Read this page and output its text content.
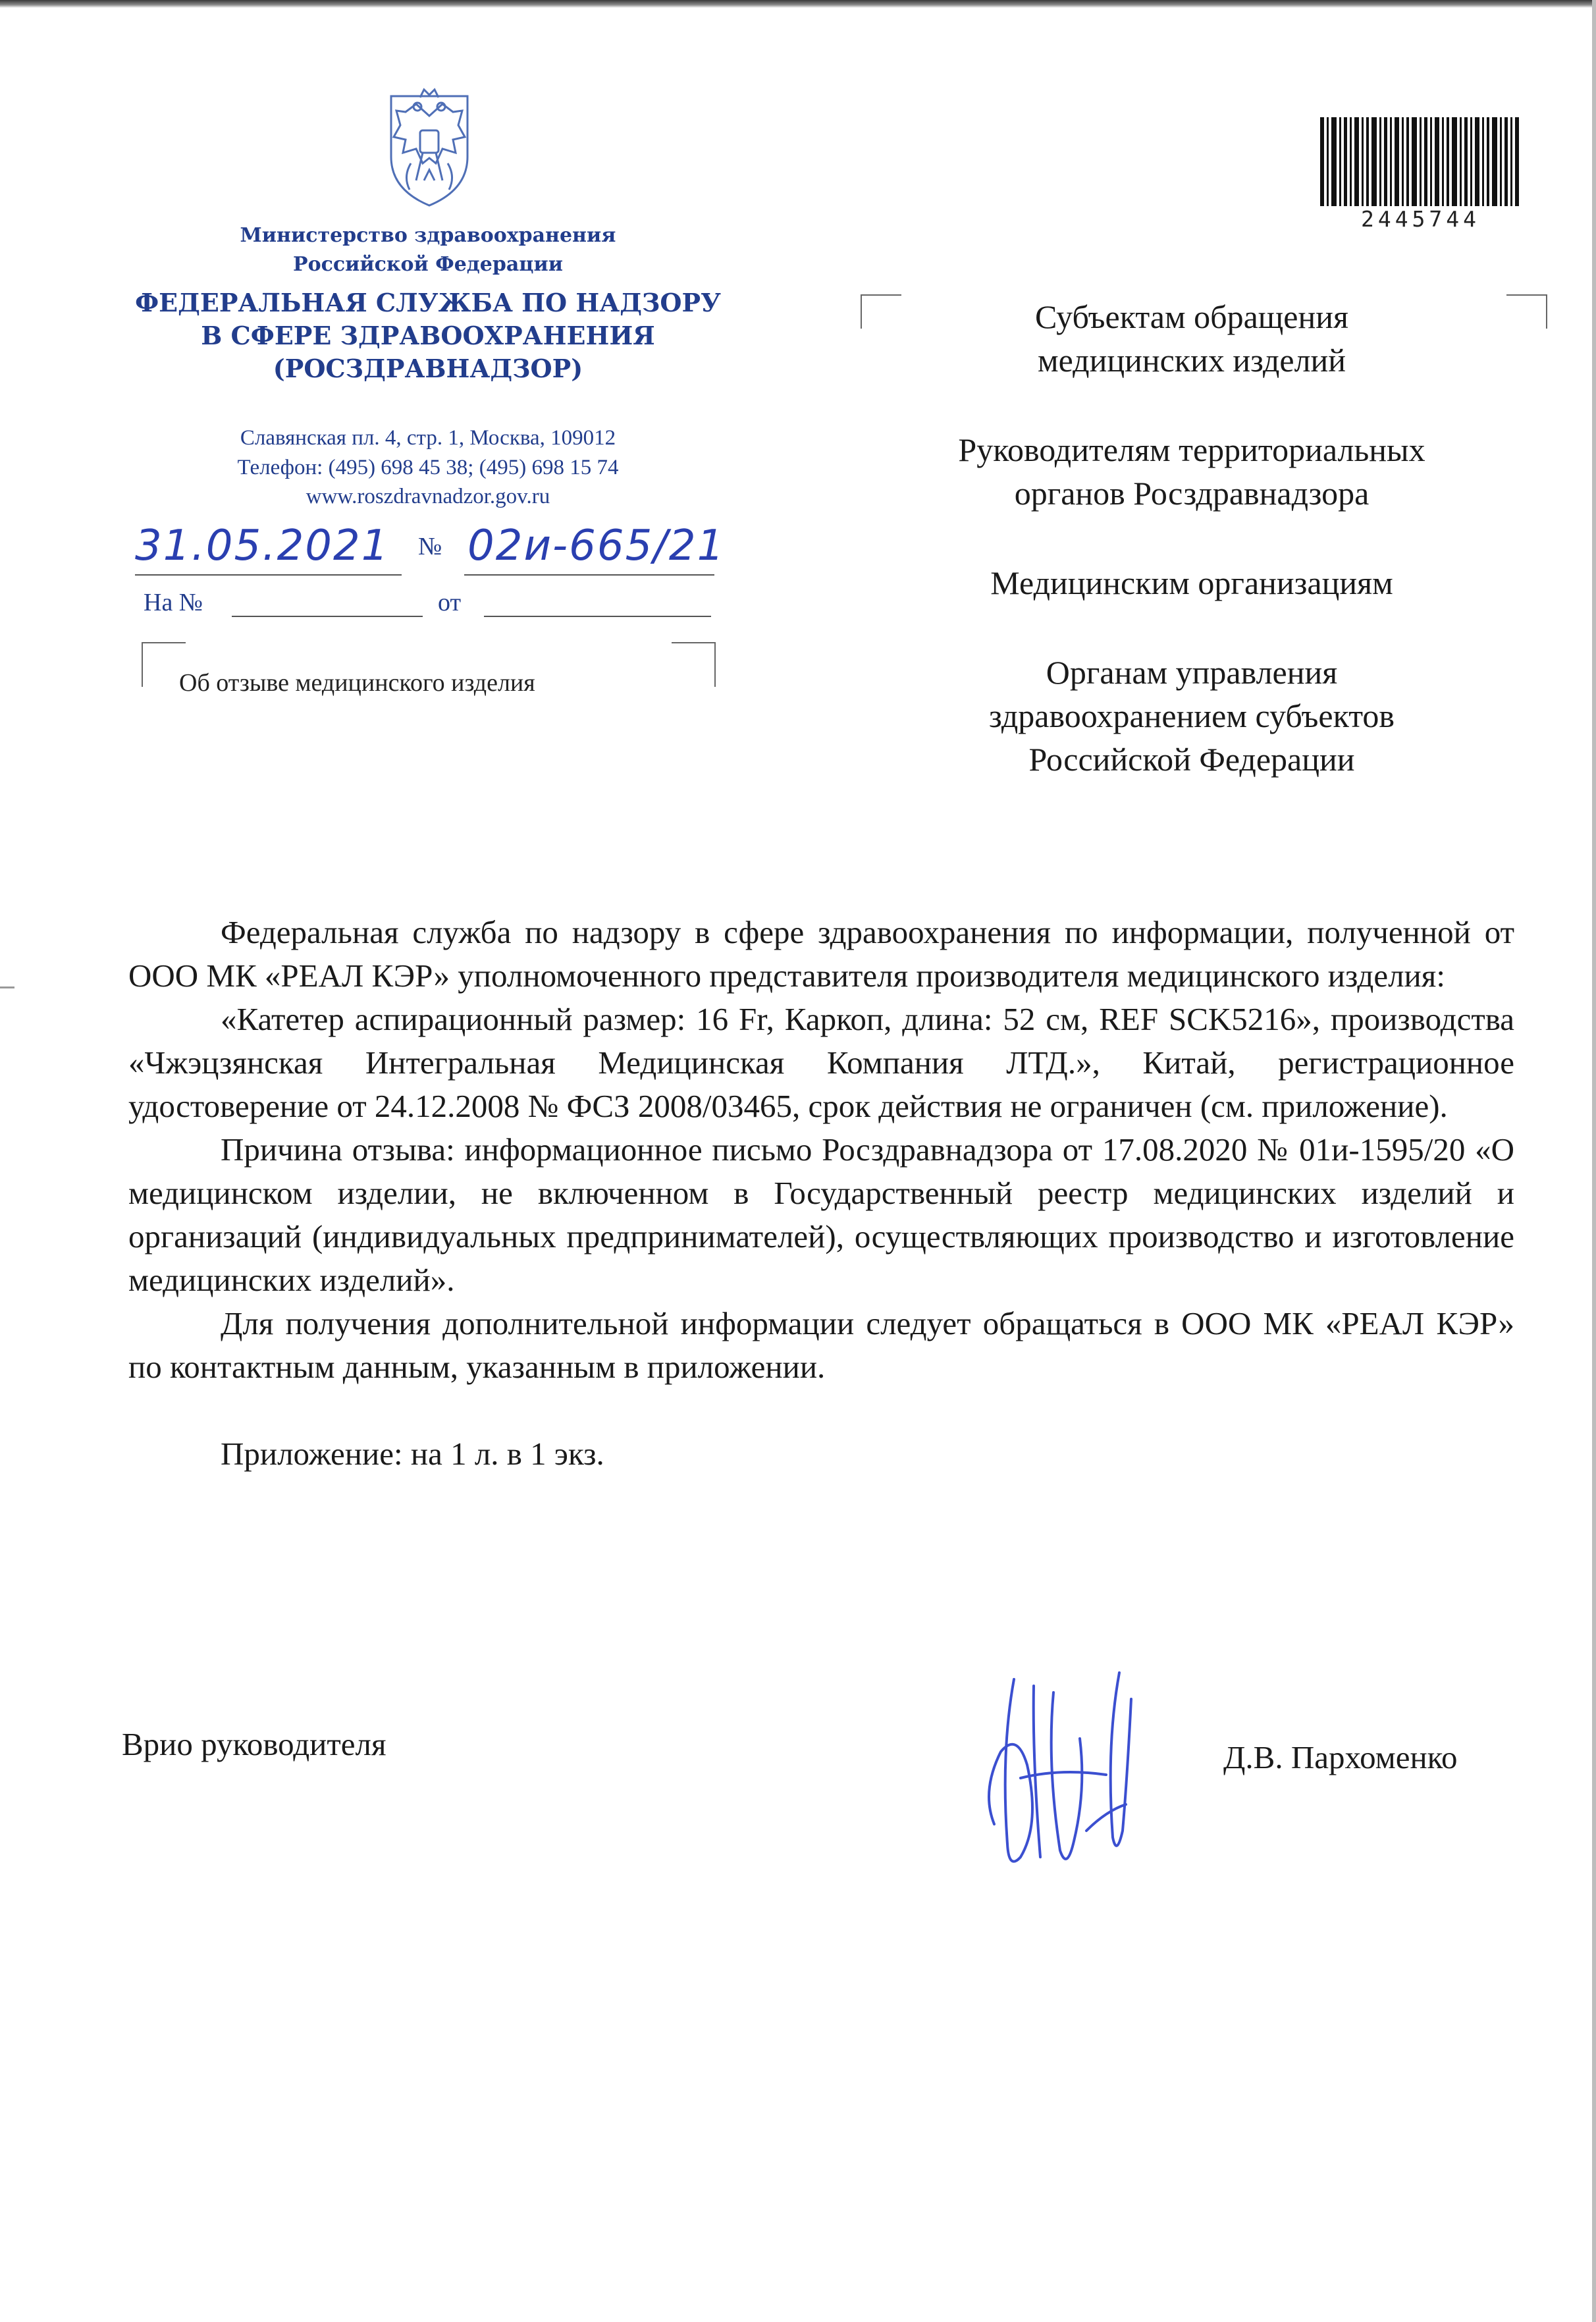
Министерство здравоохранения
Российской Федерации
ФЕДЕРАЛЬНАЯ СЛУЖБА ПО НАДЗОРУ
В СФЕРЕ ЗДРАВООХРАНЕНИЯ
(РОСЗДРАВНАДЗОР)
Славянская пл. 4, стр. 1, Москва, 109012
Телефон: (495) 698 45 38; (495) 698 15 74
www.roszdravnadzor.gov.ru
31.05.2021 № 02и-665/21
На №	от
Об отзыве медицинского изделия
2445744
Субъектам обращения
медицинских изделий
Руководителям территориальных
органов Росздравнадзора
Медицинским организациям
Органам управления
здравоохранением субъектов
Российской Федерации

Федеральная служба по надзору в сфере здравоохранения по информации, полученной от ООО МК «РЕАЛ КЭР» уполномоченного представителя производителя медицинского изделия:

«Катетер аспирационный размер: 16 Fr, Каркоп, длина: 52 см, REF SCK5216», производства «Чжэцзянская Интегральная Медицинская Компания ЛТД.», Китай, регистрационное удостоверение от 24.12.2008 № ФСЗ 2008/03465, срок действия не ограничен (см. приложение).

Причина отзыва: информационное письмо Росздравнадзора от 17.08.2020 № 01и-1595/20 «О медицинском изделии, не включенном в Государственный реестр медицинских изделий и организаций (индивидуальных предпринимателей), осуществляющих производство и изготовление медицинских изделий».

Для получения дополнительной информации следует обращаться в ООО МК «РЕАЛ КЭР» по контактным данным, указанным в приложении.

Приложение: на 1 л. в 1 экз.

Врио руководителя	Д.В. Пархоменко
